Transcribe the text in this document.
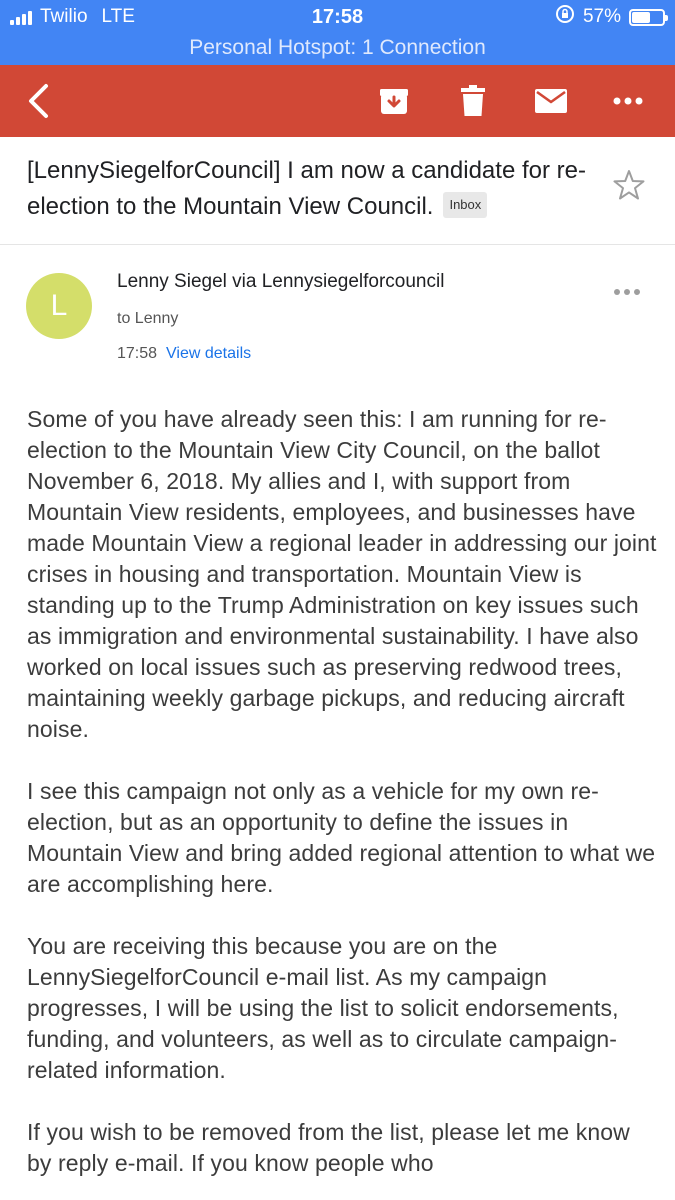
Twilio LTE	17:58	57%
Personal Hotspot: 1 Connection
[LennySiegelforCouncil] I am now a candidate for re-election to the Mountain View Council. Inbox
L
Lenny Siegel via Lennysiegelforcouncil
to Lenny
17:58 View details

Some of you have already seen this: I am running for re-election to the Mountain View City Council, on the ballot November 6, 2018. My allies and I, with support from Mountain View residents, employees, and businesses have made Mountain View a regional leader in addressing our joint crises in housing and transportation. Mountain View is standing up to the Trump Administration on key issues such as immigration and environmental sustainability. I have also worked on local issues such as preserving redwood trees, maintaining weekly garbage pickups, and reducing aircraft noise.

I see this campaign not only as a vehicle for my own re-election, but as an opportunity to define the issues in Mountain View and bring added regional attention to what we are accomplishing here.

You are receiving this because you are on the LennySiegelforCouncil e-mail list. As my campaign progresses, I will be using the list to solicit endorsements, funding, and volunteers, as well as to circulate campaign-related information.

If you wish to be removed from the list, please let me know by reply e-mail. If you know people who
